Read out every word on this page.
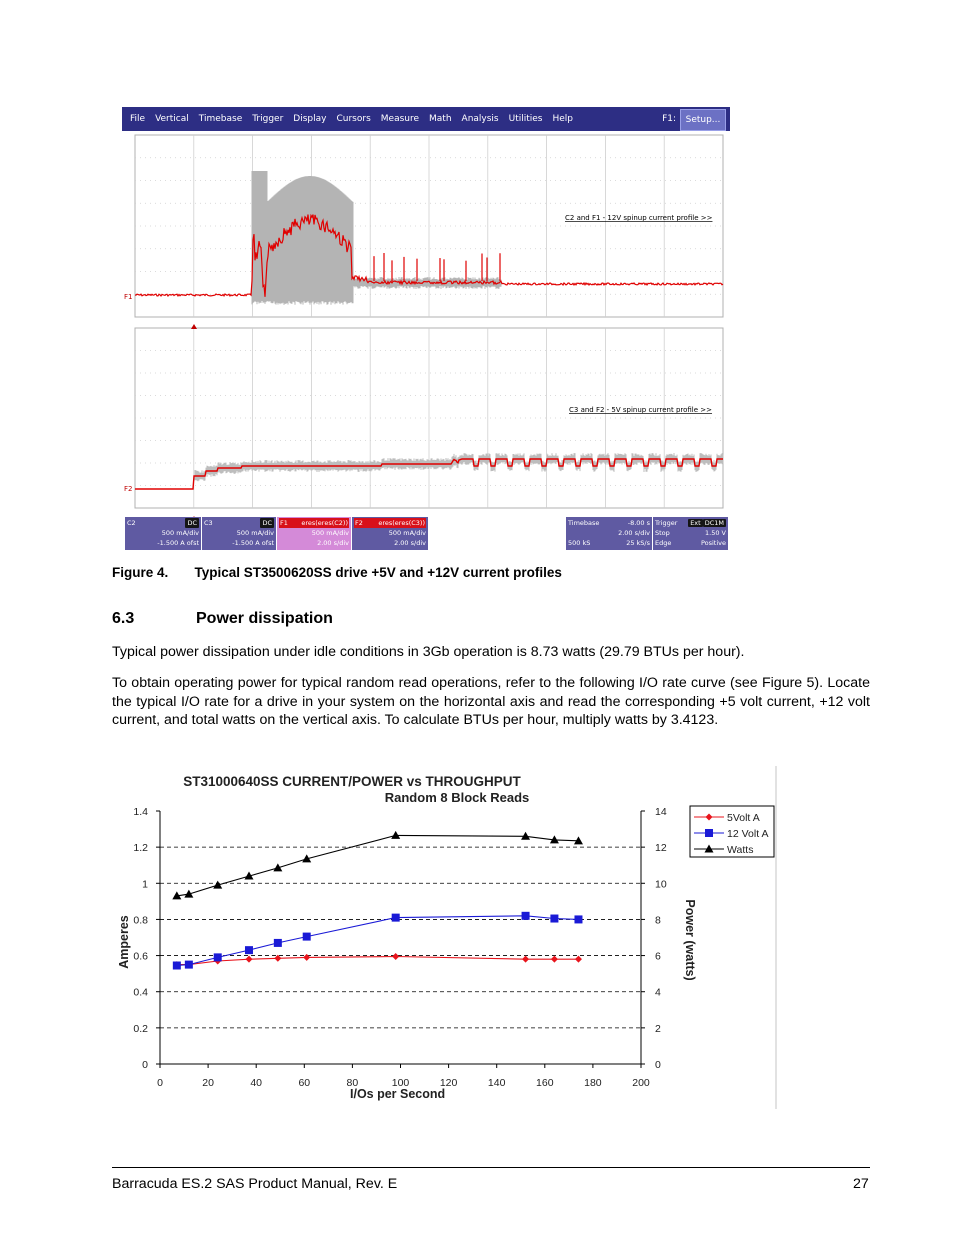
File	Vertical	Timebase	Trigger	Display	Cursors	Measure	Math	Analysis	Utilities	Help	F1:	Setup...
C2 and F1 - 12V spinup current profile >>
C3 and F2 - 5V spinup current profile >>
F1
F2
C2	DC
500 mA/div
-1.500 A ofst
C3	DC
500 mA/div
-1.500 A ofst
F1 eres(eres(C2))
500 mA/div
2.00 s/div
F2 eres(eres(C3))
500 mA/div
2.00 s/div
Timebase	-8.00 s
2.00 s/div
500 kS	25 kS/s
Trigger	Ext DC1M
Stop	1.50 V
Edge	Positive
Figure 4.       Typical ST3500620SS drive +5V and +12V current profiles
6.3	Power dissipation
Typical power dissipation under idle conditions in 3Gb operation is 8.73 watts (29.79 BTUs per hour).
To obtain operating power for typical random read operations, refer to the following I/O rate curve (see Figure 5). Locate the typical I/O rate for a drive in your system on the horizontal axis and read the corresponding +5 volt current, +12 volt current, and total watts on the vertical axis. To calculate BTUs per hour, multiply watts by 3.4123.
ST31000640SS CURRENT/POWER vs THROUGHPUT
Random 8 Block Reads
0
0.2
0.4
0.6
0.8
1
1.2
1.4
0
2
4
6
8
10
12
14
0	20	40	60	80	100	120	140	160	180	200
I/Os per Second
Amperes	Power (watts)
5Volt A
12 Volt A
Watts
Barracuda ES.2 SAS Product Manual, Rev. E	27
